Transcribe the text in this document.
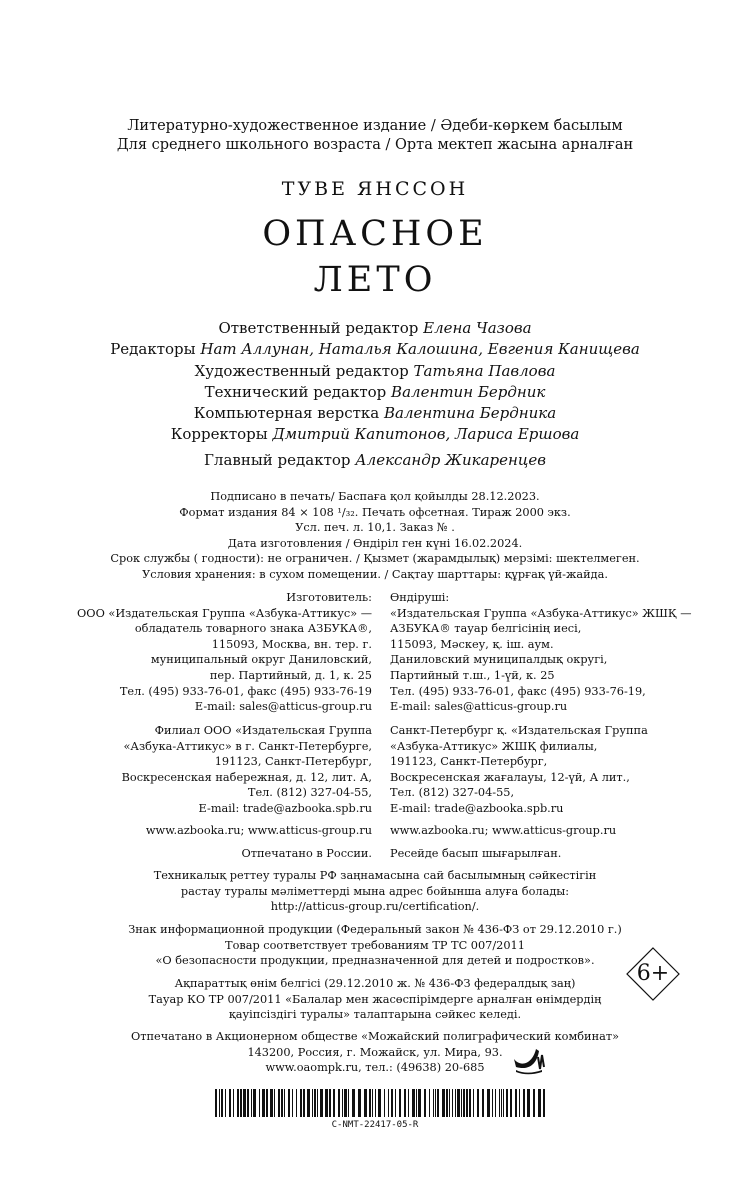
Литературно-художественное издание / Әдеби-көркем басылым
Для среднего школьного возраста / Орта мектеп жасына арналған
ТУВЕ ЯНССОН
ОПАСНОЕ
ЛЕТО
Ответственный редактор Елена Чазова
Редакторы Нат Аллунан, Наталья Калошина, Евгения Канищева
Художественный редактор Татьяна Павлова
Технический редактор Валентин Бердник
Компьютерная верстка Валентина Бердника
Корректоры Дмитрий Капитонов, Лариса Ершова
Главный редактор Александр Жикаренцев
Подписано в печать/ Баспаға қол қойылды 28.12.2023.
Формат издания 84 × 108 ¹/₃₂. Печать офсетная. Тираж 2000 экз.
Усл. печ. л. 10,1. Заказ № .
Дата изготовления / Өндіріл ген күні 16.02.2024.
Срок службы ( годности): не ограничен. / Қызмет (жарамдылық) мерзімі: шектелмеген.
Условия хранения: в сухом помещении. / Сақтау шарттары: құрғақ үй-жайда.
Изготовитель:
ООО «Издательская Группа «Азбука-Аттикус» —
обладатель товарного знака АЗБУКА®,
115093, Москва, вн. тер. г.
муниципальный округ Даниловский,
пер. Партийный, д. 1, к. 25
Тел. (495) 933-76-01, факс (495) 933-76-19
E-mail: sales@atticus-group.ru
Өндіруші:
«Издательская Группа «Азбука-Аттикус» ЖШҚ —
АЗБУКА® тауар белгісінің иесі,
115093, Мәскеу, қ. іш. аум.
Даниловский муниципалдық округі,
Партийный т.ш., 1-үй, к. 25
Тел. (495) 933-76-01, факс (495) 933-76-19,
E-mail: sales@atticus-group.ru
Филиал ООО «Издательская Группа
«Азбука-Аттикус» в г. Санкт-Петербурге,
191123, Санкт-Петербург,
Воскресенская набережная, д. 12, лит. А,
Тел. (812) 327-04-55,
E-mail: trade@azbooka.spb.ru
Санкт-Петербург қ. «Издательская Группа
«Азбука-Аттикус» ЖШҚ филиалы,
191123, Санкт-Петербург,
Воскресенская жағалауы, 12-үй, А лит.,
Тел. (812) 327-04-55,
E-mail: trade@azbooka.spb.ru
www.azbooka.ru; www.atticus-group.ru www.azbooka.ru; www.atticus-group.ru
Отпечатано в России. Ресейде басып шығарылған.
Техникалық реттеу туралы РФ заңнамасына сай басылымның сәйкестігін
растау туралы мәліметтерді мына адрес бойынша алуға болады:
http://atticus-group.ru/certification/.
Знак информационной продукции (Федеральный закон № 436-ФЗ от 29.12.2010 г.)
Товар соответствует требованиям ТР ТС 007/2011
«О безопасности продукции, предназначенной для детей и подростков».
Ақпараттық өнім белгісі (29.12.2010 ж. № 436-ФЗ федералдық заң)
Тауар КО ТР 007/2011 «Балалар мен жасөспірімдерге арналған өнімдердің
қауіпсіздігі туралы» талаптарына сәйкес келеді.
6+
Отпечатано в Акционерном обществе «Можайский полиграфический комбинат»
143200, Россия, г. Можайск, ул. Мира, 93.
www.oaompk.ru, тел.: (49638) 20-685
C-NMT-22417-05-R
